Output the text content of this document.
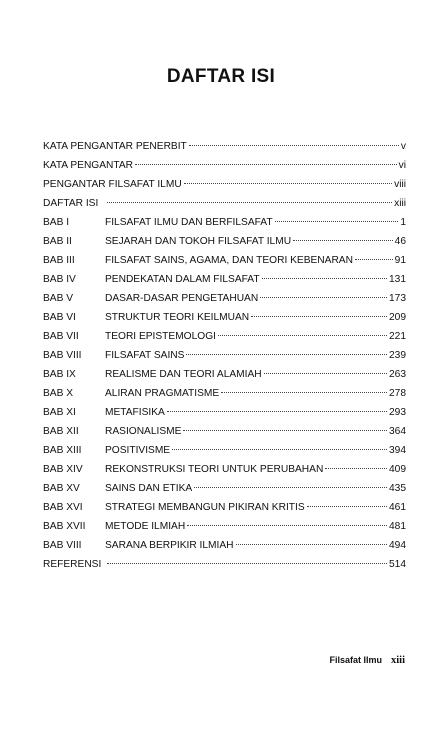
DAFTAR ISI
KATA PENGANTAR PENERBIT	v
KATA PENGANTAR	vi
PENGANTAR FILSAFAT ILMU	viii
DAFTAR ISI	xiii
BAB I	FILSAFAT ILMU DAN BERFILSAFAT	1
BAB II	SEJARAH DAN TOKOH FILSAFAT ILMU	46
BAB III	FILSAFAT SAINS, AGAMA, DAN TEORI KEBENARAN	91
BAB IV	PENDEKATAN DALAM FILSAFAT	131
BAB V	DASAR-DASAR PENGETAHUAN	173
BAB VI	STRUKTUR TEORI KEILMUAN	209
BAB VII	TEORI EPISTEMOLOGI	221
BAB VIII	FILSAFAT SAINS	239
BAB IX	REALISME DAN TEORI ALAMIAH	263
BAB X	ALIRAN PRAGMATISME	278
BAB XI	METAFISIKA	293
BAB XII	RASIONALISME	364
BAB XIII	POSITIVISME	394
BAB XIV	REKONSTRUKSI TEORI UNTUK PERUBAHAN	409
BAB XV	SAINS DAN ETIKA	435
BAB XVI	STRATEGI MEMBANGUN PIKIRAN KRITIS	461
BAB XVII	METODE ILMIAH	481
BAB VIII	SARANA BERPIKIR ILMIAH	494
REFERENSI	514
Filsafat Ilmu xiii
